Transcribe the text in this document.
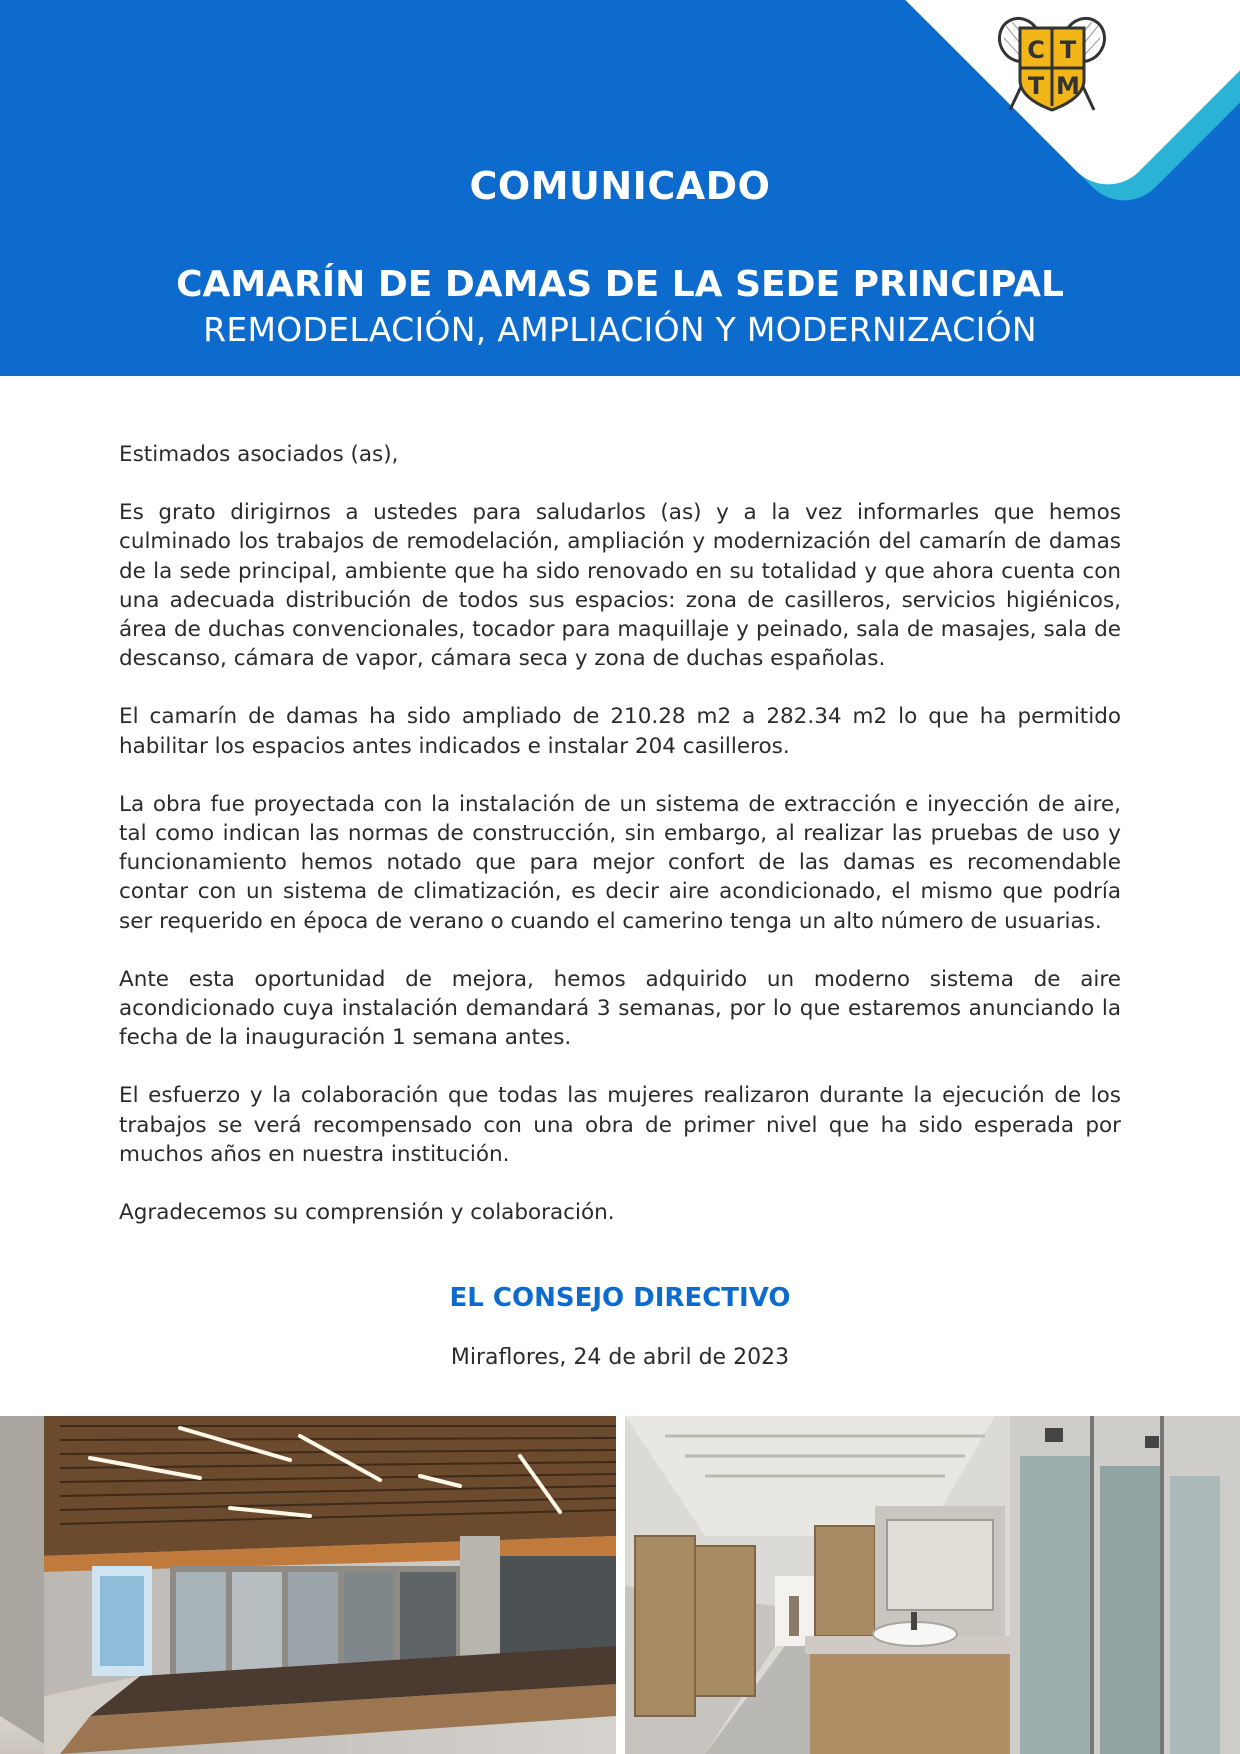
C T
T M
COMUNICADO
CAMARÍN DE DAMAS DE LA SEDE PRINCIPAL
REMODELACIÓN, AMPLIACIÓN Y MODERNIZACIÓN

Estimados asociados (as),

Es grato dirigirnos a ustedes para saludarlos (as) y a la vez informarles que hemos culminado los trabajos de remodelación, ampliación y modernización del camarín de damas de la sede principal, ambiente que ha sido renovado en su totalidad y que ahora cuenta con una adecuada distribución de todos sus espacios: zona de casilleros, servicios higiénicos, área de duchas convencionales, tocador para maquillaje y peinado, sala de masajes, sala de descanso, cámara de vapor, cámara seca y zona de duchas españolas.

El camarín de damas ha sido ampliado de 210.28 m2 a 282.34 m2 lo que ha permitido habilitar los espacios antes indicados e instalar 204 casilleros.

La obra fue proyectada con la instalación de un sistema de extracción e inyección de aire, tal como indican las normas de construcción, sin embargo, al realizar las pruebas de uso y funcionamiento hemos notado que para mejor confort de las damas es recomendable contar con un sistema de climatización, es decir aire acondicionado, el mismo que podría ser requerido en época de verano o cuando el camerino tenga un alto número de usuarias.

Ante esta oportunidad de mejora, hemos adquirido un moderno sistema de aire acondicionado cuya instalación demandará 3 semanas, por lo que estaremos anunciando la fecha de la inauguración 1 semana antes.

El esfuerzo y la colaboración que todas las mujeres realizaron durante la ejecución de los trabajos se verá recompensado con una obra de primer nivel que ha sido esperada por muchos años en nuestra institución.

Agradecemos su comprensión y colaboración.

EL CONSEJO DIRECTIVO
Miraflores, 24 de abril de 2023
